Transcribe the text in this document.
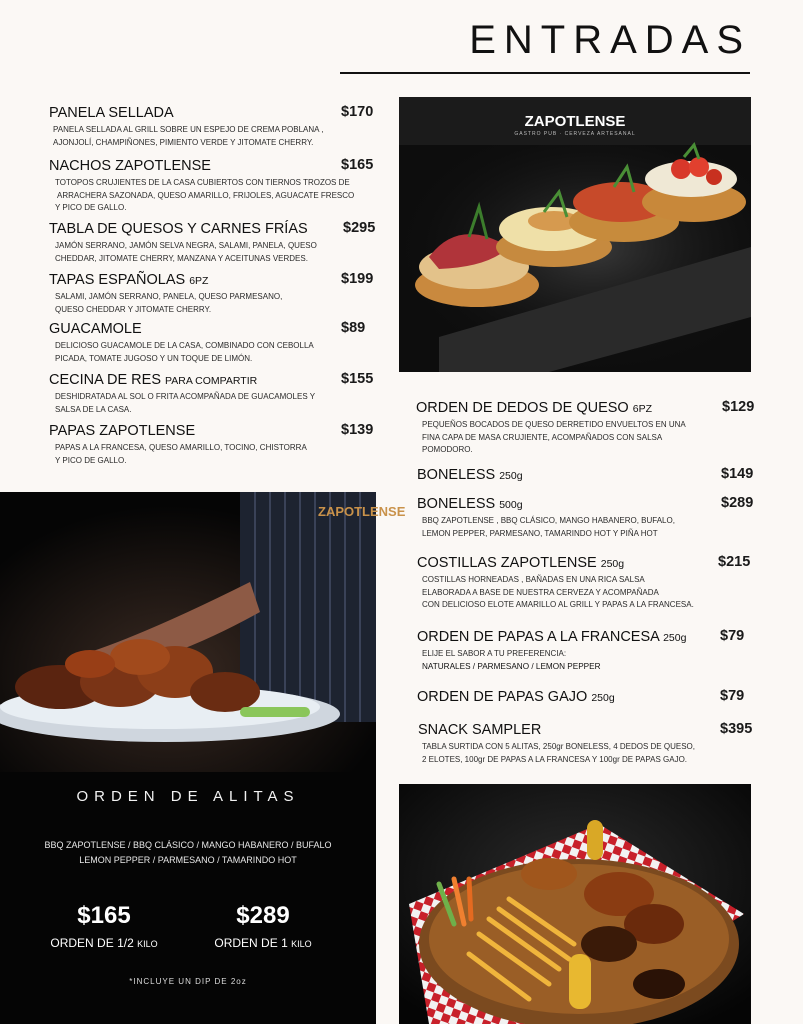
ENTRADAS
PANELA SELLADA	$170
PANELA SELLADA AL GRILL SOBRE UN ESPEJO DE CREMA POBLANA ,
AJONJOLÍ, CHAMPIÑONES, PIMIENTO VERDE Y JITOMATE CHERRY.
NACHOS ZAPOTLENSE	$165
TOTOPOS CRUJIENTES DE LA CASA CUBIERTOS CON TIERNOS TROZOS DE
ARRACHERA SAZONADA, QUESO AMARILLO, FRIJOLES, AGUACATE FRESCO
Y PICO DE GALLO.
TABLA DE QUESOS Y CARNES FRÍAS $295
JAMÓN SERRANO, JAMÓN SELVA NEGRA, SALAMI, PANELA, QUESO
CHEDDAR, JITOMATE CHERRY, MANZANA Y ACEITUNAS VERDES.
TAPAS ESPAÑOLAS 6PZ	$199
SALAMI, JAMÓN SERRANO, PANELA, QUESO PARMESANO,
QUESO CHEDDAR Y JITOMATE CHERRY.
GUACAMOLE	$89
DELICIOSO GUACAMOLE DE LA CASA, COMBINADO CON CEBOLLA
PICADA, TOMATE JUGOSO Y UN TOQUE DE LIMÓN.
CECINA DE RES PARA COMPARTIR	$155
DESHIDRATADA AL SOL O FRITA ACOMPAÑADA DE GUACAMOLES Y
SALSA DE LA CASA.
PAPAS ZAPOTLENSE	$139
PAPAS A LA FRANCESA, QUESO AMARILLO, TOCINO, CHISTORRA
Y PICO DE GALLO.
ZAPOTLENSE
GASTRO PUB · CERVEZA ARTESANAL
ORDEN DE DEDOS DE QUESO 6PZ	$129
PEQUEÑOS BOCADOS DE QUESO DERRETIDO ENVUELTOS EN UNA
FINA CAPA DE MASA CRUJIENTE, ACOMPAÑADOS CON SALSA
POMODORO.
BONELESS 250g	$149
BONELESS 500g	$289
BBQ ZAPOTLENSE , BBQ CLÁSICO, MANGO HABANERO, BUFALO,
LEMON PEPPER, PARMESANO, TAMARINDO HOT Y PIÑA HOT
COSTILLAS ZAPOTLENSE 250g	$215
COSTILLAS HORNEADAS , BAÑADAS EN UNA RICA SALSA
ELABORADA A BASE DE NUESTRA CERVEZA Y ACOMPAÑADA
CON DELICIOSO ELOTE AMARILLO AL GRILL Y PAPAS A LA FRANCESA.
ORDEN DE PAPAS A LA FRANCESA 250g $79
ELIJE EL SABOR A TU PREFERENCIA:
NATURALES / PARMESANO / LEMON PEPPER
ORDEN DE PAPAS GAJO 250g	$79
SNACK SAMPLER	$395
TABLA SURTIDA CON 5 ALITAS, 250gr BONELESS, 4 DEDOS DE QUESO,
2 ELOTES, 100gr DE PAPAS A LA FRANCESA Y 100gr DE PAPAS GAJO.
ZAPOTLENSE
ORDEN DE ALITAS
BBQ ZAPOTLENSE / BBQ CLÁSICO / MANGO HABANERO / BUFALO
LEMON PEPPER / PARMESANO / TAMARINDO HOT
$165
ORDEN DE 1/2 KILO
$289
ORDEN DE 1 KILO
*INCLUYE UN DIP DE 2oz
